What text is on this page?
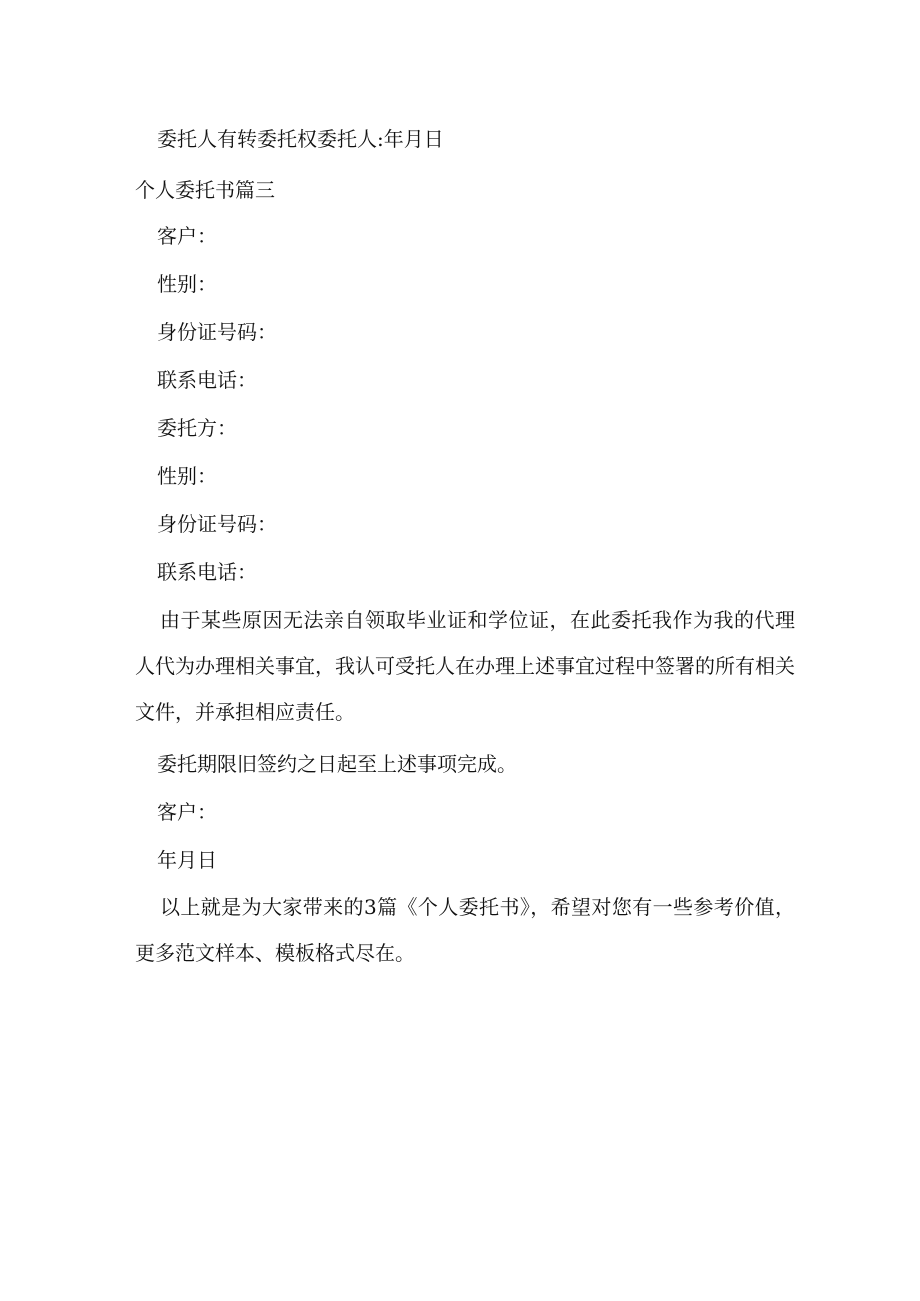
委托人有转委托权委托人:年月日

个人委托书篇三

客户：

性别：

身份证号码：

联系电话：

委托方：

性别：

身份证号码：

联系电话：

由于某些原因无法亲自领取毕业证和学位证，在此委托我作为我的代理人代为办理相关事宜，我认可受托人在办理上述事宜过程中签署的所有相关文件，并承担相应责任。

委托期限旧签约之日起至上述事项完成。

客户：

年月日

以上就是为大家带来的3篇《个人委托书》，希望对您有一些参考价值，更多范文样本、模板格式尽在。
